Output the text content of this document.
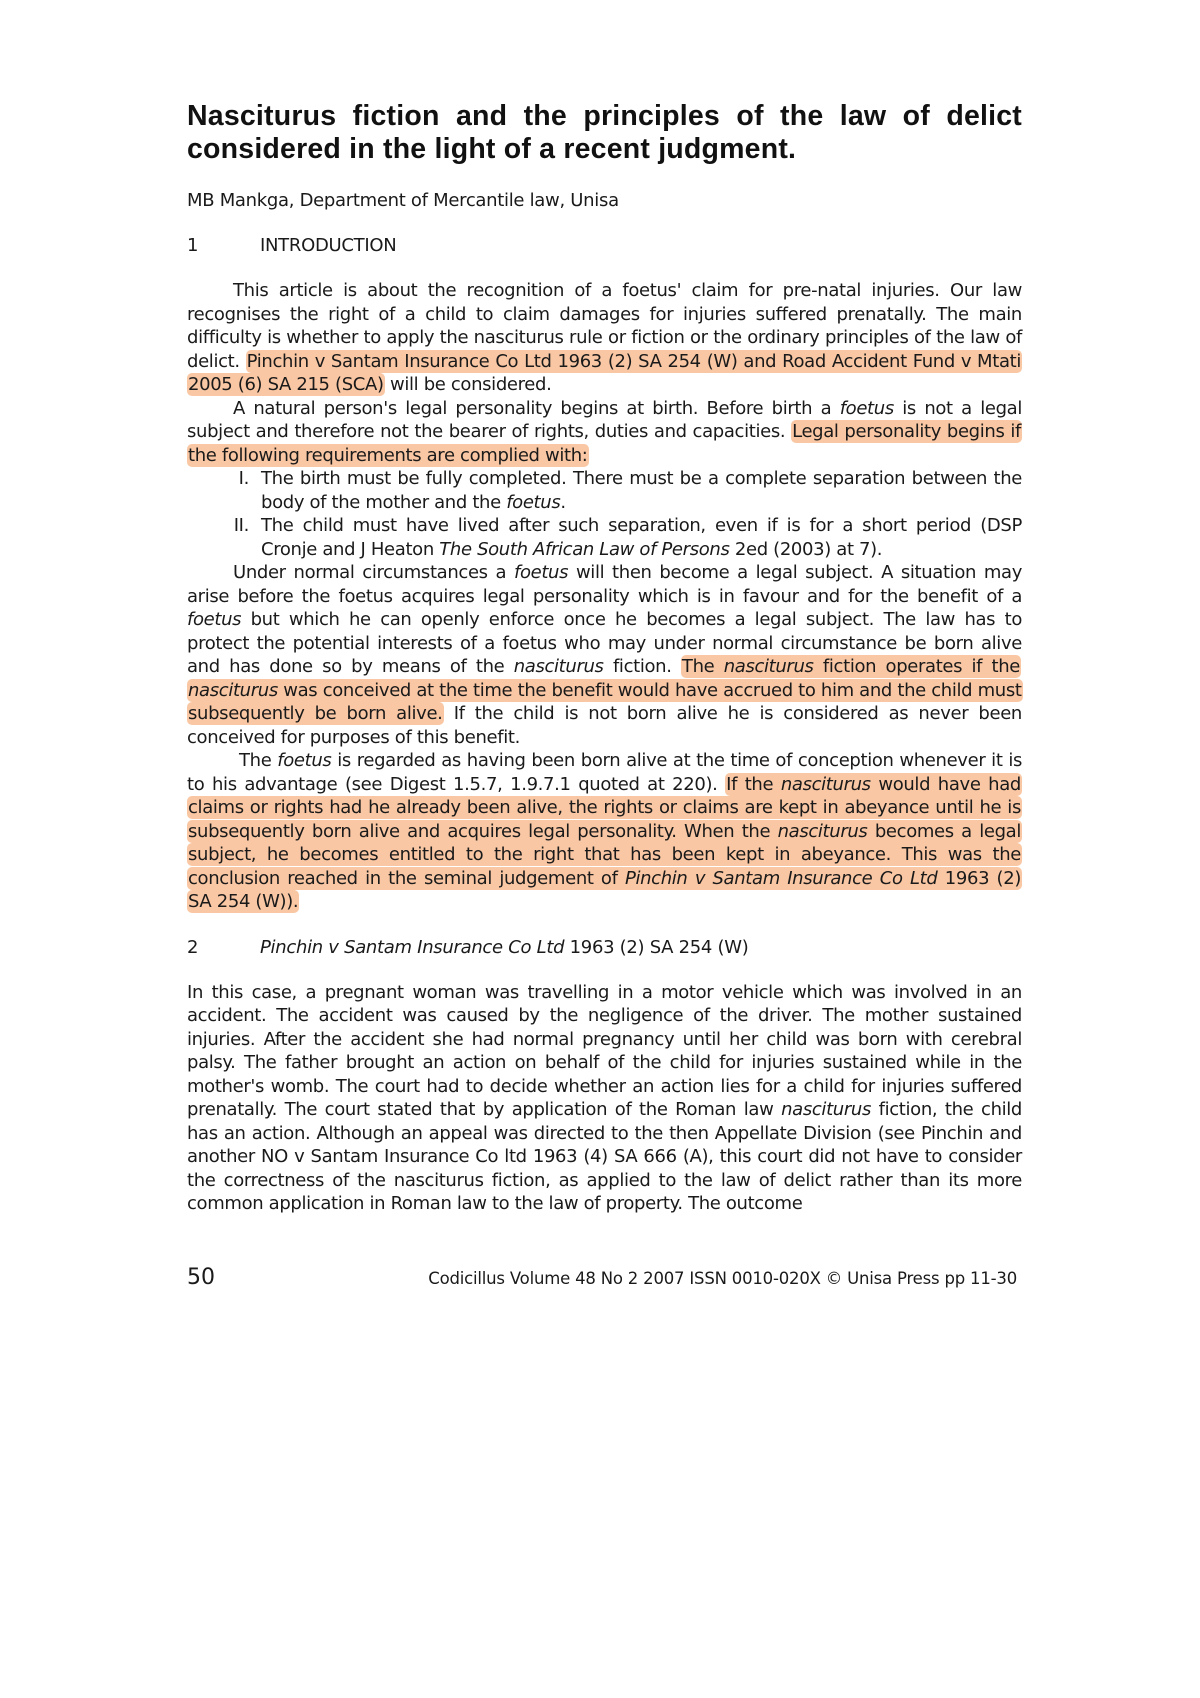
Nasciturus fiction and the principles of the law of delict considered in the light of a recent judgment.
MB Mankga, Department of Mercantile law, Unisa
1	INTRODUCTION

This article is about the recognition of a foetus' claim for pre-natal injuries. Our law recognises the right of a child to claim damages for injuries suffered prenatally. The main difficulty is whether to apply the nasciturus rule or fiction or the ordinary principles of the law of delict. Pinchin v Santam Insurance Co Ltd 1963 (2) SA 254 (W) and Road Accident Fund v Mtati 2005 (6) SA 215 (SCA) will be considered.

A natural person's legal personality begins at birth. Before birth a foetus is not a legal subject and therefore not the bearer of rights, duties and capacities. Legal personality begins if the following requirements are complied with:

I. The birth must be fully completed. There must be a complete separation between the body of the mother and the foetus.
II. The child must have lived after such separation, even if is for a short period (DSP Cronje and J Heaton The South African Law of Persons 2ed (2003) at 7).

Under normal circumstances a foetus will then become a legal subject. A situation may arise before the foetus acquires legal personality which is in favour and for the benefit of a foetus but which he can openly enforce once he becomes a legal subject. The law has to protect the potential interests of a foetus who may under normal circumstance be born alive and has done so by means of the nasciturus fiction. The nasciturus fiction operates if the nasciturus was conceived at the time the benefit would have accrued to him and the child must subsequently be born alive. If the child is not born alive he is considered as never been conceived for purposes of this benefit.

The foetus is regarded as having been born alive at the time of conception whenever it is to his advantage (see Digest 1.5.7, 1.9.7.1 quoted at 220). If the nasciturus would have had claims or rights had he already been alive, the rights or claims are kept in abeyance until he is subsequently born alive and acquires legal personality. When the nasciturus becomes a legal subject, he becomes entitled to the right that has been kept in abeyance. This was the conclusion reached in the seminal judgement of Pinchin v Santam Insurance Co Ltd 1963 (2) SA 254 (W)).

2	Pinchin v Santam Insurance Co Ltd 1963 (2) SA 254 (W)

In this case, a pregnant woman was travelling in a motor vehicle which was involved in an accident. The accident was caused by the negligence of the driver. The mother sustained injuries. After the accident she had normal pregnancy until her child was born with cerebral palsy. The father brought an action on behalf of the child for injuries sustained while in the mother's womb. The court had to decide whether an action lies for a child for injuries suffered prenatally. The court stated that by application of the Roman law nasciturus fiction, the child has an action. Although an appeal was directed to the then Appellate Division (see Pinchin and another NO v Santam Insurance Co ltd 1963 (4) SA 666 (A), this court did not have to consider the correctness of the nasciturus fiction, as applied to the law of delict rather than its more common application in Roman law to the law of property. The outcome

50	Codicillus Volume 48 No 2 2007 ISSN 0010-020X © Unisa Press pp 11-30
